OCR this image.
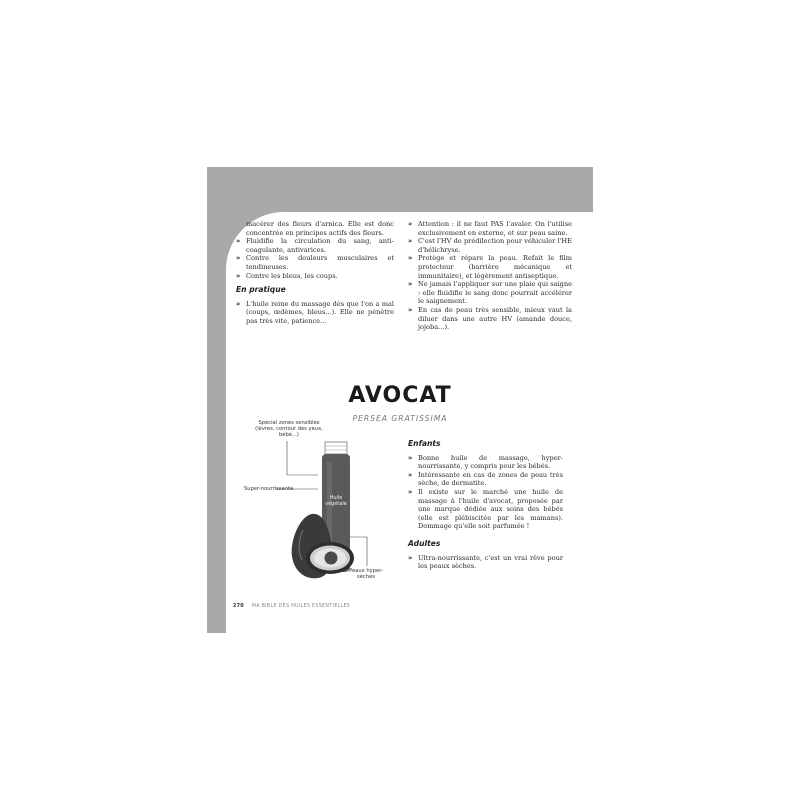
macérer des fleurs d'arnica. Elle est donc concentrée en principes actifs des fleurs.
» Fluidifie la circulation du sang, anti-coagulante, antivarices.
» Contre les douleurs musculaires et tendineuses.
» Contre les bleus, les coups.
En pratique
» L'huile reine du massage dès que l'on a mal (coups, œdèmes, bleus...). Elle ne pénètre pas très vite, patience...
» Attention : il ne faut PAS l'avaler. On l'utilise exclusivement en externe, et sur peau saine.
» C'est l'HV de prédilection pour véhiculer l'HE d'hélichryse.
» Protège et répare la peau. Refait le film protecteur (barrière mécanique et immunitaire), et légèrement antiseptique.
» Ne jamais l'appliquer sur une plaie qui saigne : elle fluidifie le sang donc pourrait accélérer le saignement.
» En cas de peau très sensible, mieux vaut la diluer dans une autre HV (amande douce, jojoba...).
AVOCAT
PERSEA GRATISSIMA
Spécial zones sensibles (lèvres, contour des yeux, bébé...)
Super-nourrissante
Peaux hyper-sèches
Huile
végétale
Enfants
» Bonne huile de massage, hyper-nourrissante, y compris pour les bébés.
» Intéressante en cas de zones de peau très sèche, de dermatite.
» Il existe sur le marché une huile de massage à l'huile d'avocat, proposée par une marque dédiée aux soins des bébés (elle est plébiscitée par les mamans). Dommage qu'elle soit parfumée !
Adultes
» Ultra-nourrissante, c'est un vrai rêve pour les peaux sèches.
270 MA BIBLE DES HUILES ESSENTIELLES
